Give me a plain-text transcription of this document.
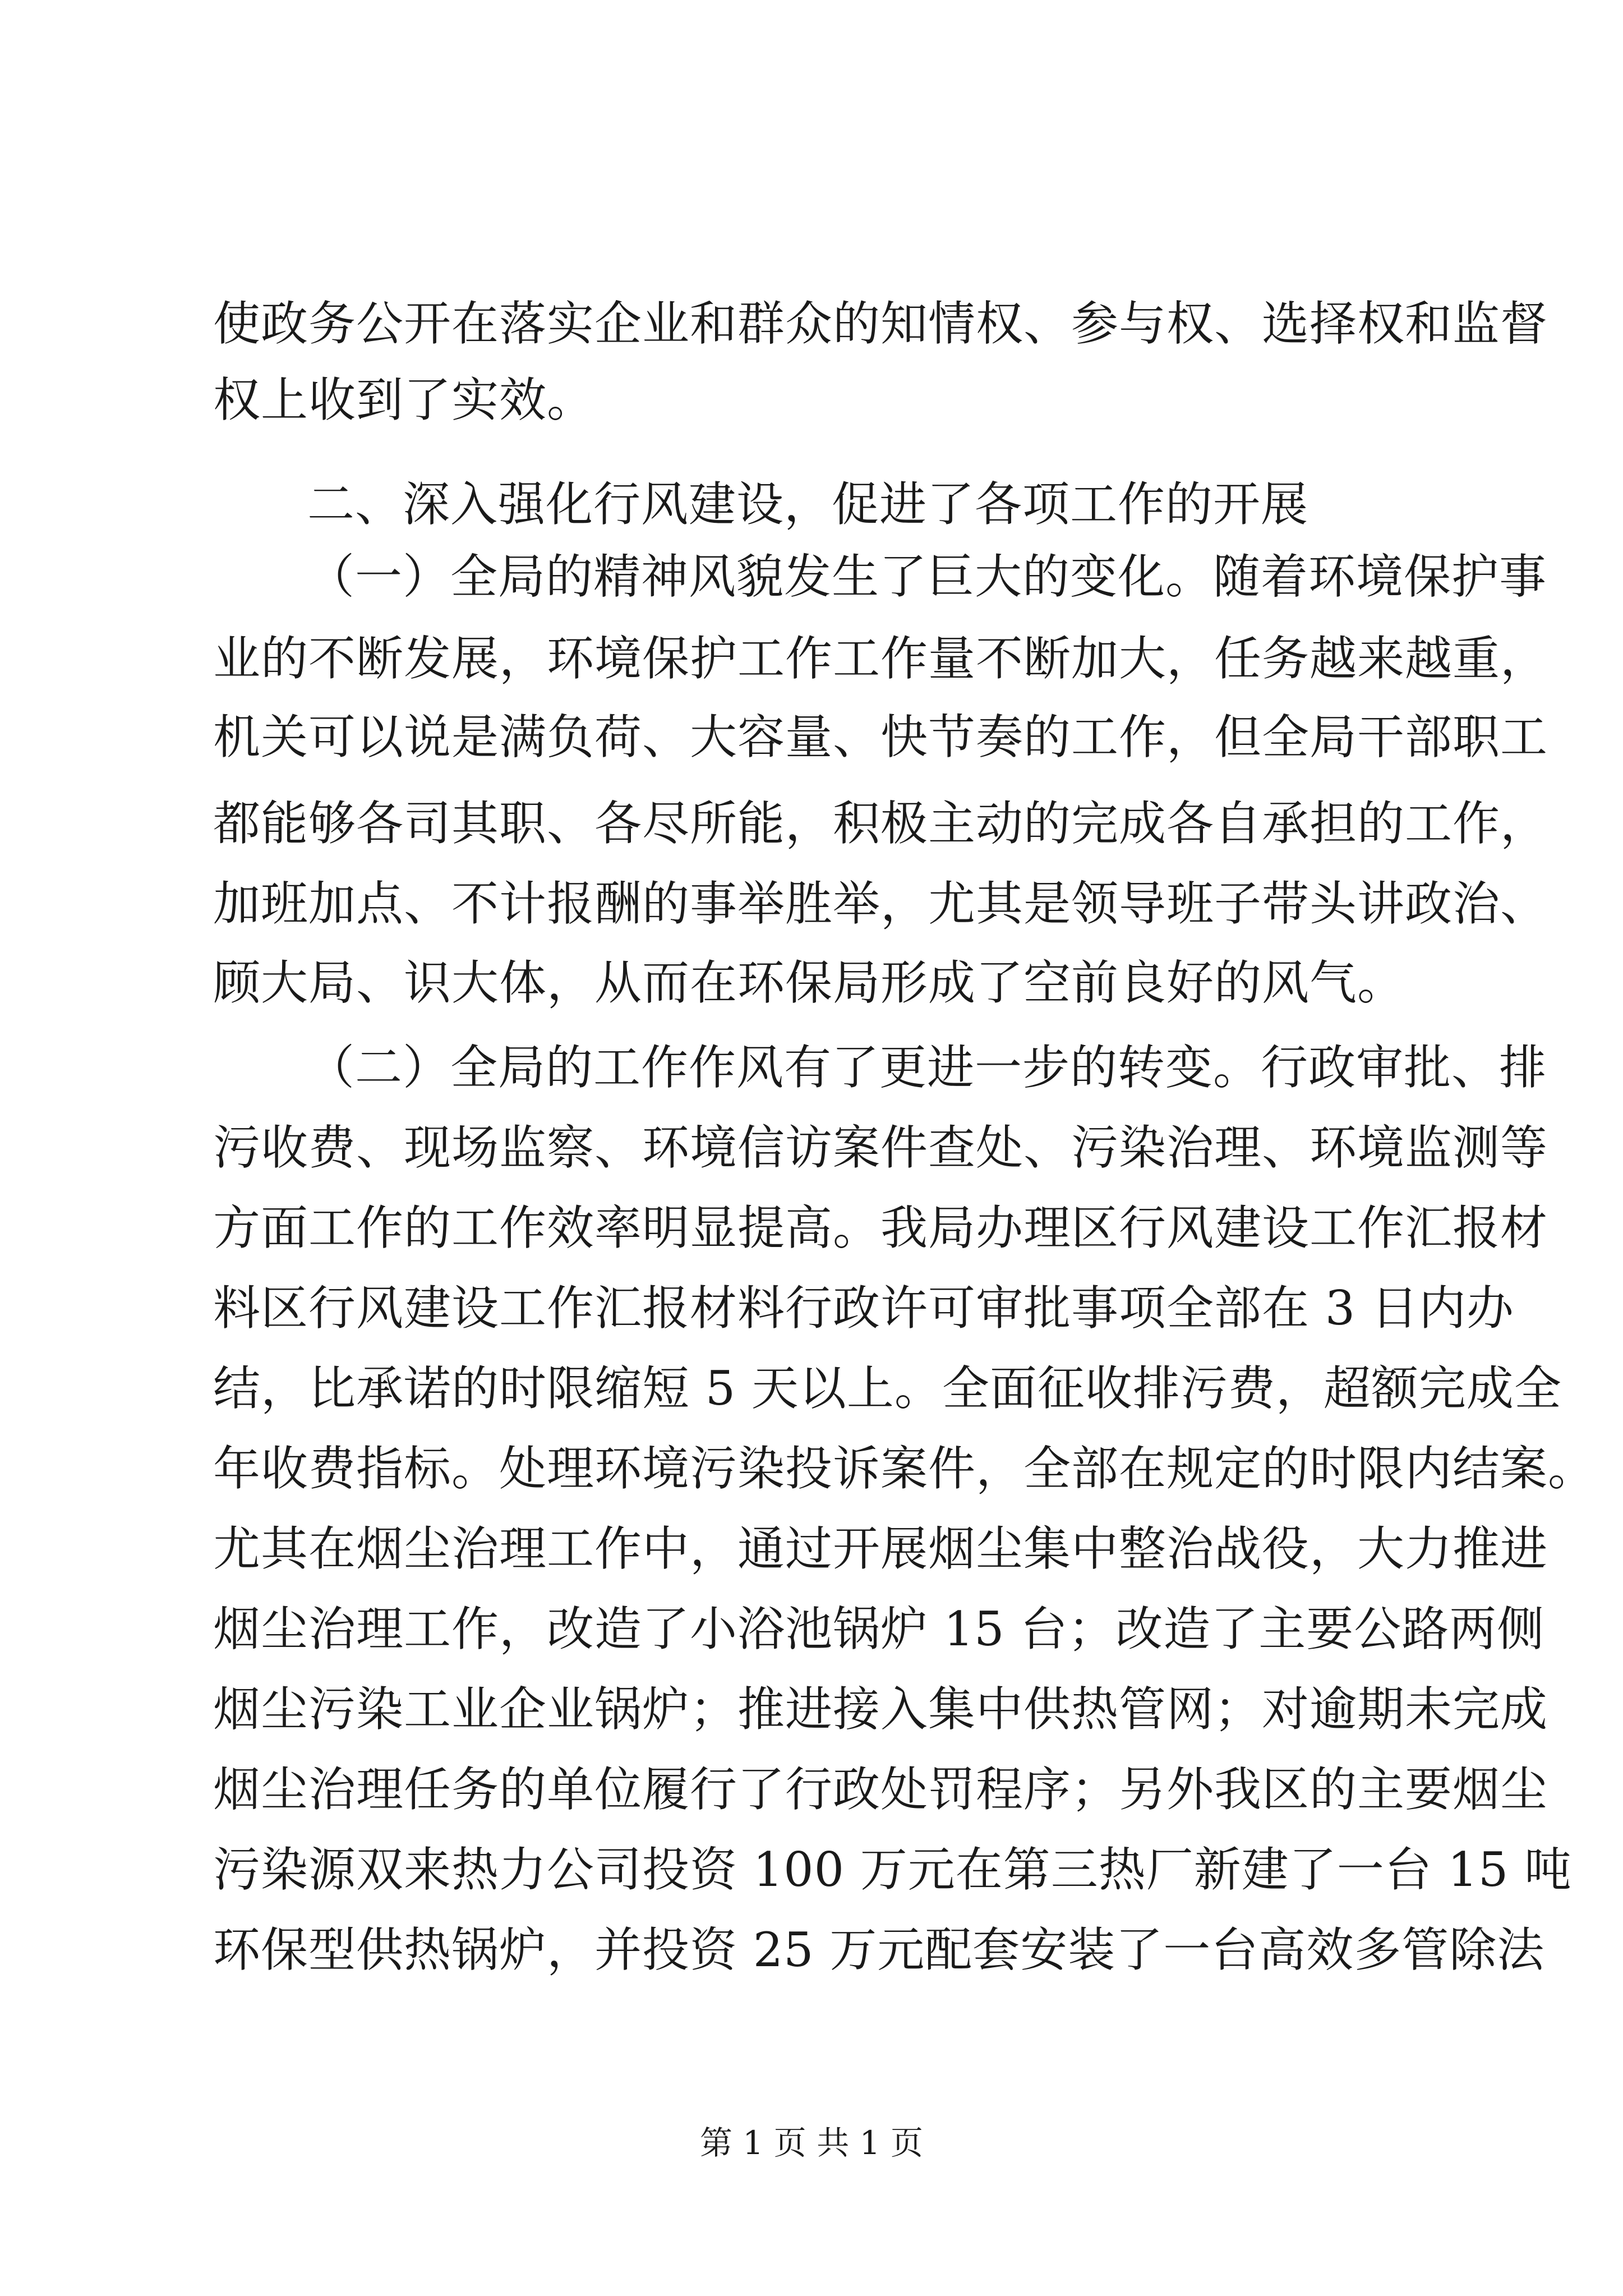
使政务公开在落实企业和群众的知情权、参与权、选择权和监督
权上收到了实效。
二、深入强化行风建设，促进了各项工作的开展
（一）全局的精神风貌发生了巨大的变化。随着环境保护事
业的不断发展，环境保护工作工作量不断加大，任务越来越重，
机关可以说是满负荷、大容量、快节奏的工作，但全局干部职工
都能够各司其职、各尽所能，积极主动的完成各自承担的工作，
加班加点、不计报酬的事举胜举，尤其是领导班子带头讲政治、
顾大局、识大体，从而在环保局形成了空前良好的风气。
（二）全局的工作作风有了更进一步的转变。行政审批、排
污收费、现场监察、环境信访案件查处、污染治理、环境监测等
方面工作的工作效率明显提高。我局办理区行风建设工作汇报材
料区行风建设工作汇报材料行政许可审批事项全部在 3 日内办
结，比承诺的时限缩短 5 天以上。全面征收排污费，超额完成全
年收费指标。处理环境污染投诉案件，全部在规定的时限内结案。
尤其在烟尘治理工作中，通过开展烟尘集中整治战役，大力推进
烟尘治理工作，改造了小浴池锅炉 15 台；改造了主要公路两侧
烟尘污染工业企业锅炉；推进接入集中供热管网；对逾期未完成
烟尘治理任务的单位履行了行政处罚程序；另外我区的主要烟尘
污染源双来热力公司投资 100 万元在第三热厂新建了一台 15 吨
环保型供热锅炉，并投资 25 万元配套安装了一台高效多管除法
第 1 页 共 1 页
